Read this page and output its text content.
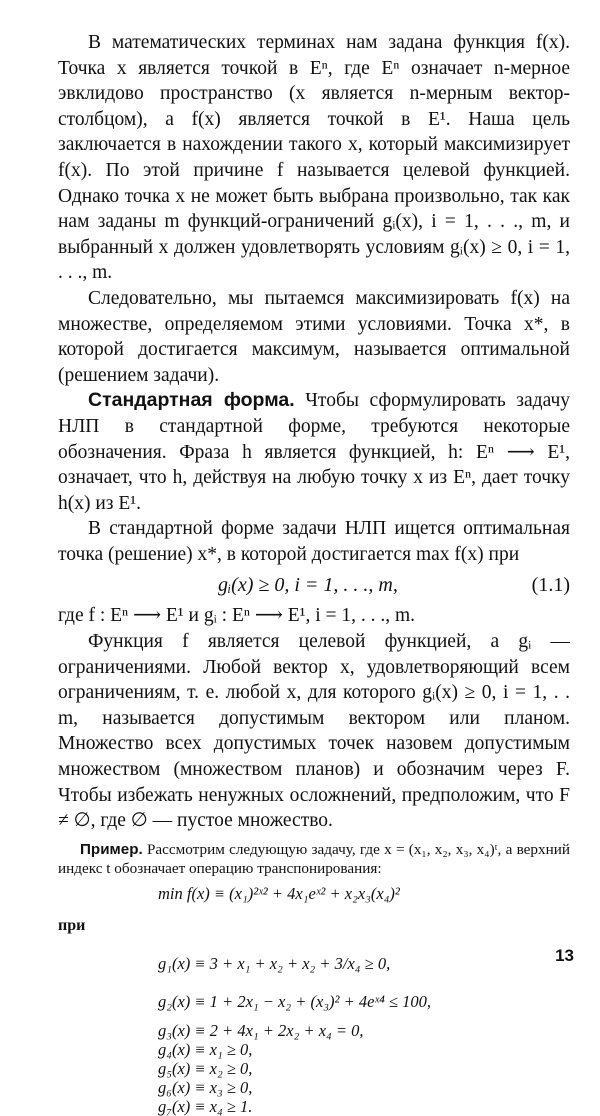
В математических терминах нам задана функция f(x). Точка x является точкой в Eⁿ, где Eⁿ означает n-мерное эвклидово пространство (x является n-мерным вектор-столбцом), а f(x) является точкой в E¹. Наша цель заключается в нахождении такого x, который максимизирует f(x). По этой причине f называется целевой функцией. Однако точка x не может быть выбрана произвольно, так как нам заданы m функций-ограничений gᵢ(x), i = 1, . . ., m, и выбранный x должен удовлетворять условиям gᵢ(x) ≥ 0, i = 1, . . ., m.

Следовательно, мы пытаемся максимизировать f(x) на множестве, определяемом этими условиями. Точка x*, в которой достигается максимум, называется оптимальной (решением задачи).

Стандартная форма. Чтобы сформулировать задачу НЛП в стандартной форме, требуются некоторые обозначения. Фраза h является функцией, h: Eⁿ ⟶ E¹, означает, что h, действуя на любую точку x из Eⁿ, дает точку h(x) из E¹.

В стандартной форме задачи НЛП ищется оптимальная точка (решение) x*, в которой достигается max f(x) при

gᵢ(x) ≥ 0, i = 1, . . ., m,	(1.1)

где f : Eⁿ ⟶ E¹ и gᵢ : Eⁿ ⟶ E¹, i = 1, . . ., m.

Функция f является целевой функцией, а gᵢ — ограничениями. Любой вектор x, удовлетворяющий всем ограничениям, т. е. любой x, для которого gᵢ(x) ≥ 0, i = 1, . . m, называется допустимым вектором или планом. Множество всех допустимых точек назовем допустимым множеством (множеством планов) и обозначим через F. Чтобы избежать ненужных осложнений, предположим, что F ≠ ∅, где ∅ — пустое множество.

Пример. Рассмотрим следующую задачу, где x = (x₁, x₂, x₃, x₄)ᵗ, а верхний индекс t обозначает операцию транспонирования:

min f(x) ≡ (x₁)²ˣ² + 4x₁eˣ² + x₂x₃(x₄)²
при
g₁(x) ≡ 3 + x₁ + x₂ + x₂ + 3/x₄ ≥ 0,
g₂(x) ≡ 1 + 2x₁ − x₂ + (x₃)² + 4eˣ⁴ ≤ 100,
g₃(x) ≡ 2 + 4x₁ + 2x₂ + x₄ = 0,
g₄(x) ≡ x₁ ≥ 0,
g₅(x) ≡ x₂ ≥ 0,
g₆(x) ≡ x₃ ≥ 0,
g₇(x) ≡ x₄ ≥ 1.
13
